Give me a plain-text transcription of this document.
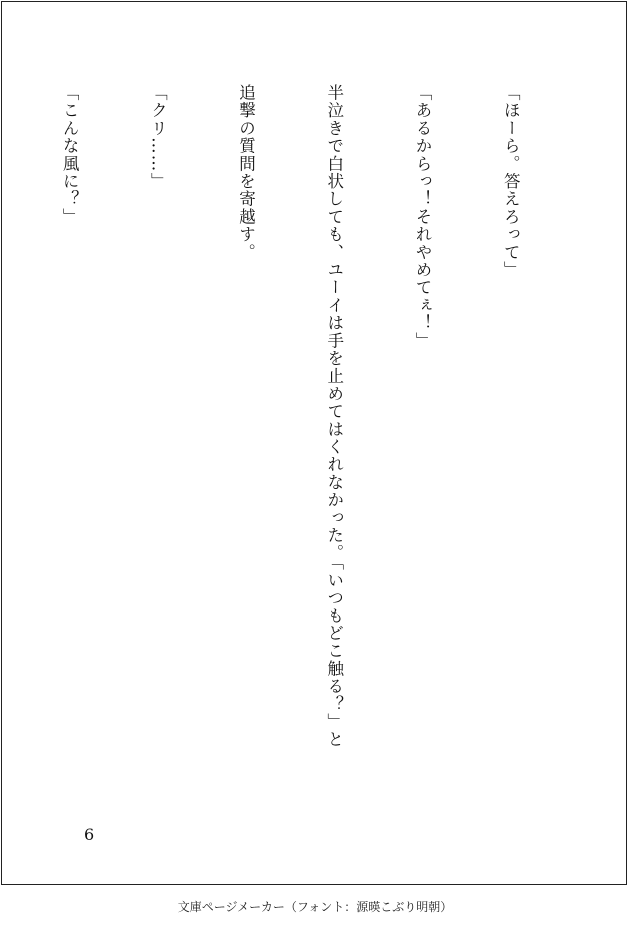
「ほーら。答えろって」

「あるからっ！それやめてぇ！」

半泣きで白状しても、ユーイは手を止めてはくれなかった。「いつもどこ触る？」と

追撃の質問を寄越す。

「クリ……」

「こんな風に？」

6
文庫ページメーカー（フォント：源暎こぶり明朝）
